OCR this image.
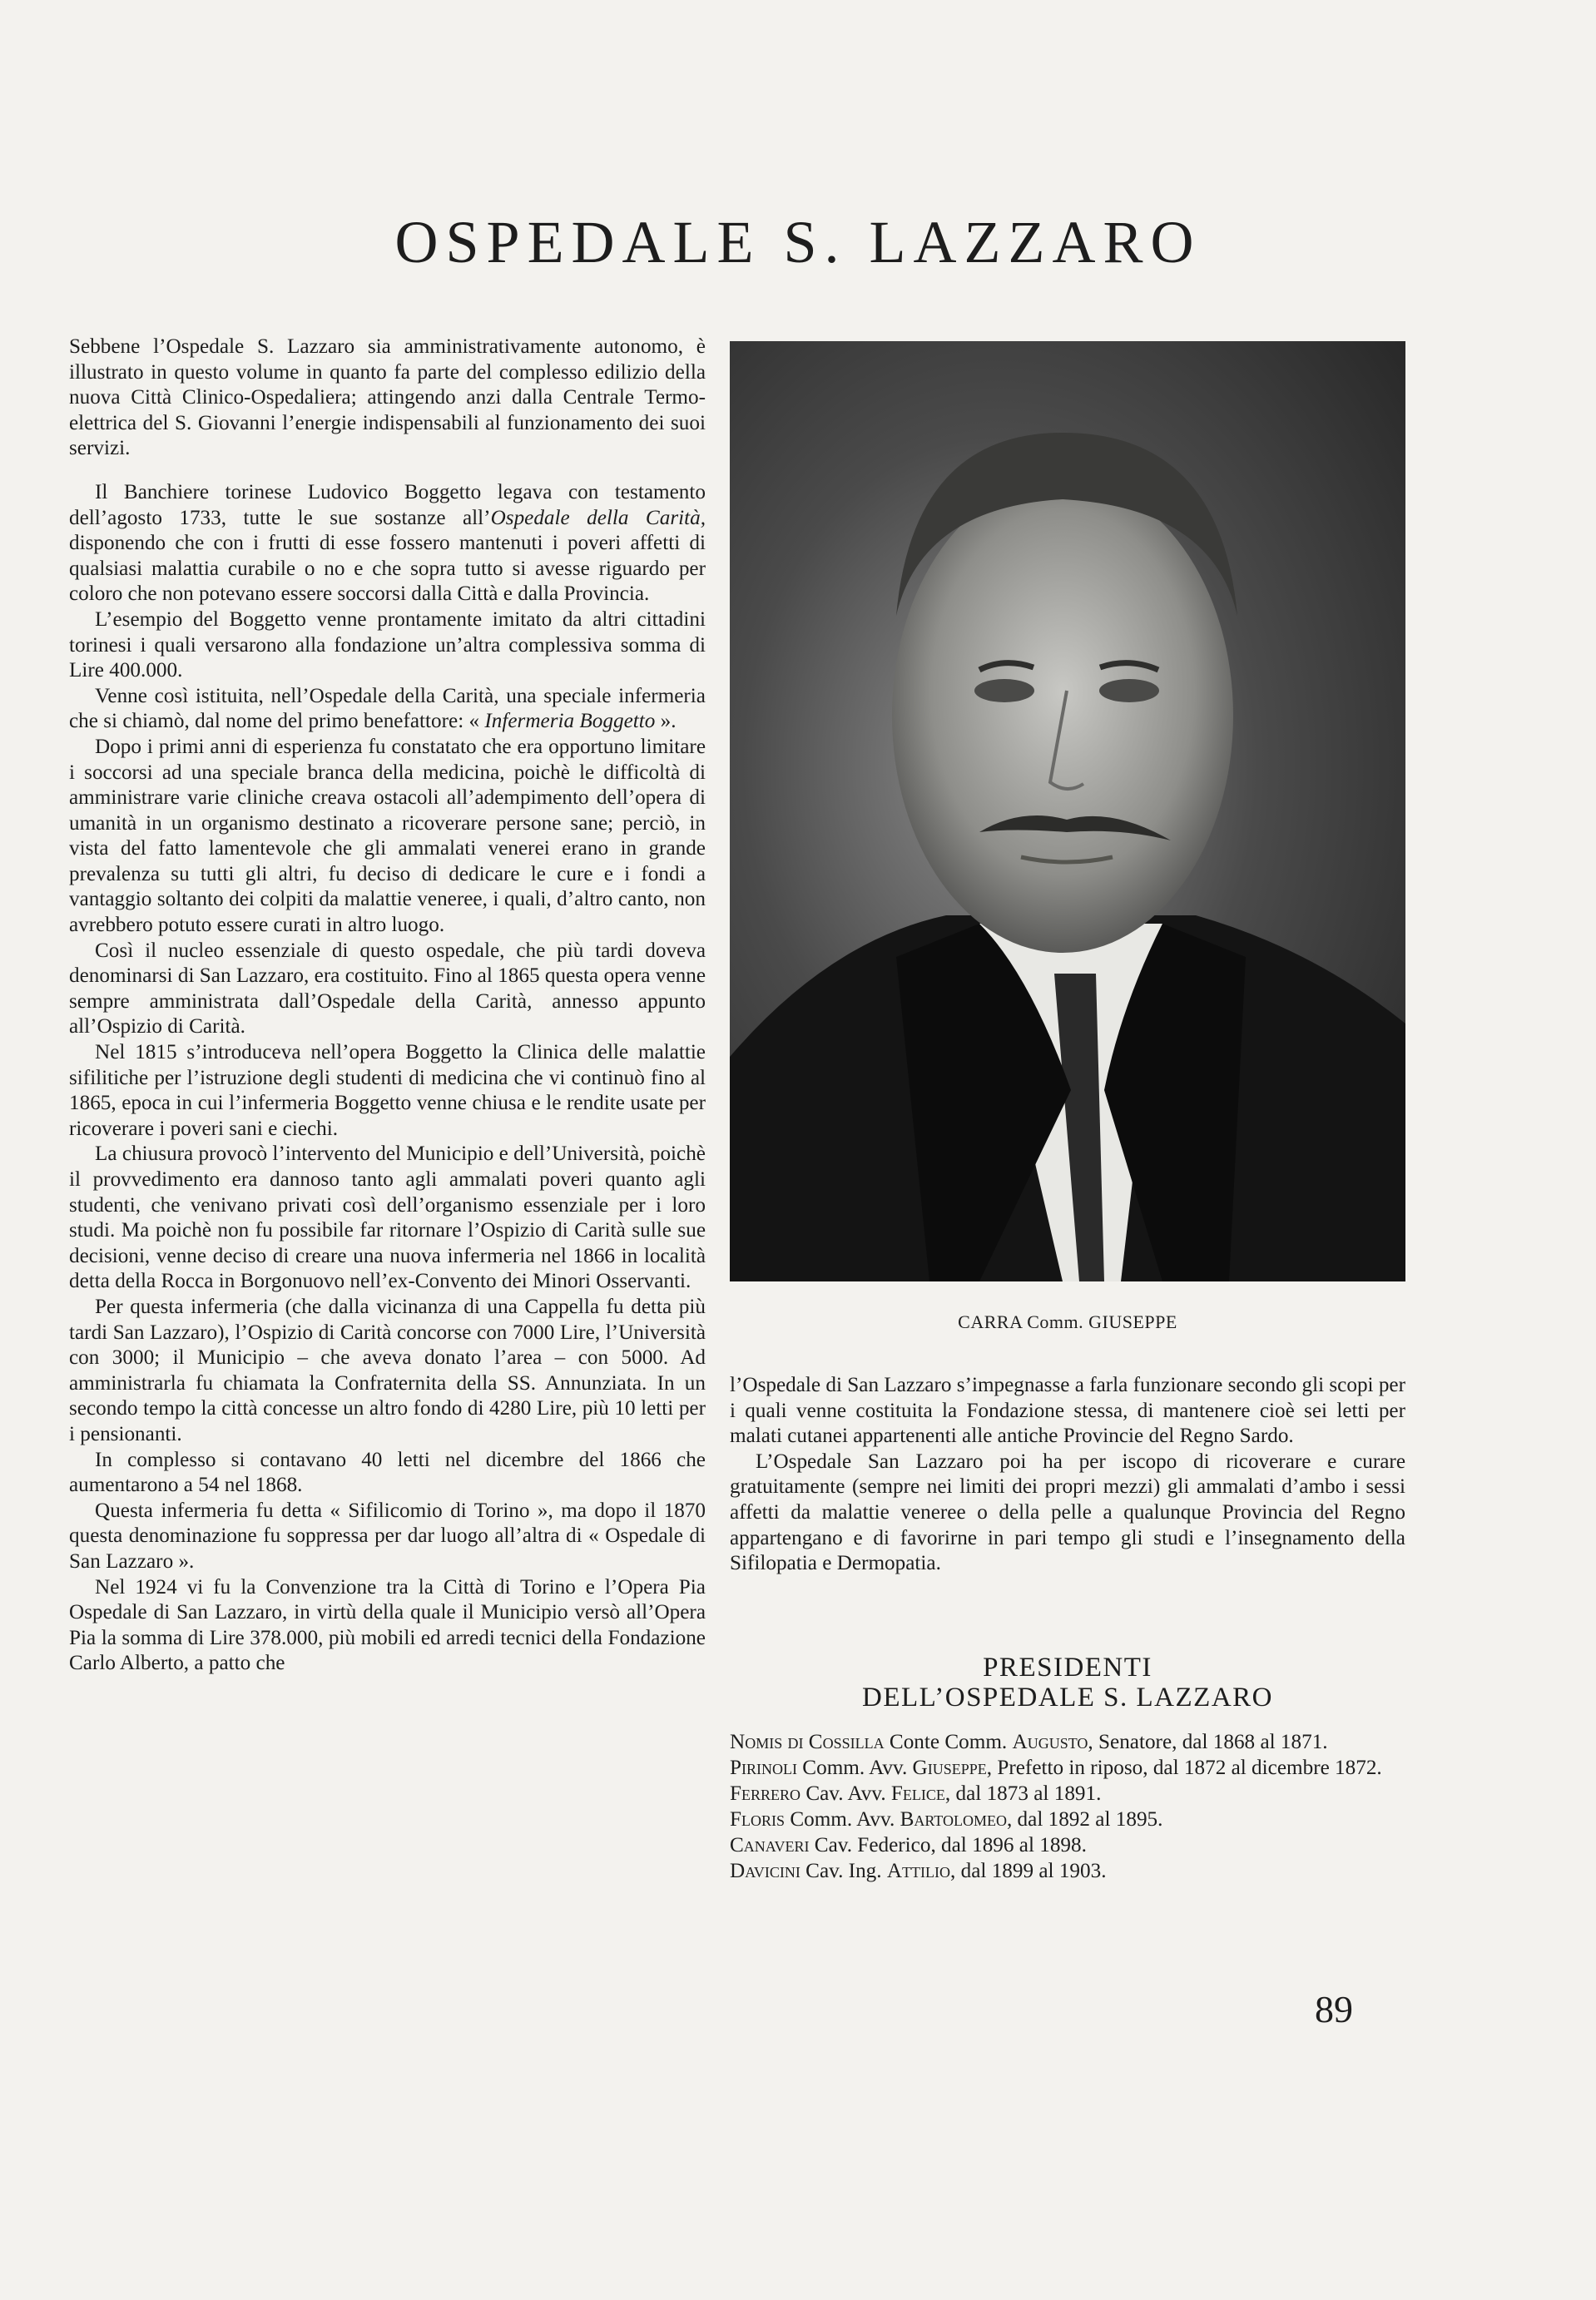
OSPEDALE S. LAZZARO

Sebbene l’Ospedale S. Lazzaro sia amministrativamente autonomo, è illustrato in questo volume in quanto fa parte del complesso edilizio della nuova Città Clinico-Ospedaliera; attingendo anzi dalla Centrale Termo-elettrica del S. Giovanni l’energie indispensabili al funzionamento dei suoi servizi.

Il Banchiere torinese Ludovico Boggetto legava con testamento dell’agosto 1733, tutte le sue sostanze all’Ospedale della Carità, disponendo che con i frutti di esse fossero mantenuti i poveri affetti di qualsiasi malattia curabile o no e che sopra tutto si avesse riguardo per coloro che non potevano essere soccorsi dalla Città e dalla Provincia.

L’esempio del Boggetto venne prontamente imitato da altri cittadini torinesi i quali versarono alla fondazione un’altra complessiva somma di Lire 400.000.

Venne così istituita, nell’Ospedale della Carità, una speciale infermeria che si chiamò, dal nome del primo benefattore: « Infermeria Boggetto ».

Dopo i primi anni di esperienza fu constatato che era opportuno limitare i soccorsi ad una speciale branca della medicina, poichè le difficoltà di amministrare varie cliniche creava ostacoli all’adempimento dell’opera di umanità in un organismo destinato a ricoverare persone sane; perciò, in vista del fatto lamentevole che gli ammalati venerei erano in grande prevalenza su tutti gli altri, fu deciso di dedicare le cure e i fondi a vantaggio soltanto dei colpiti da malattie veneree, i quali, d’altro canto, non avrebbero potuto essere curati in altro luogo.

Così il nucleo essenziale di questo ospedale, che più tardi doveva denominarsi di San Lazzaro, era costituito. Fino al 1865 questa opera venne sempre amministrata dall’Ospedale della Carità, annesso appunto all’Ospizio di Carità.

Nel 1815 s’introduceva nell’opera Boggetto la Clinica delle malattie sifilitiche per l’istruzione degli studenti di medicina che vi continuò fino al 1865, epoca in cui l’infermeria Boggetto venne chiusa e le rendite usate per ricoverare i poveri sani e ciechi.

La chiusura provocò l’intervento del Municipio e dell’Università, poichè il provvedimento era dannoso tanto agli ammalati poveri quanto agli studenti, che venivano privati così dell’organismo essenziale per i loro studi. Ma poichè non fu possibile far ritornare l’Ospizio di Carità sulle sue decisioni, venne deciso di creare una nuova infermeria nel 1866 in località detta della Rocca in Borgonuovo nell’ex-Convento dei Minori Osservanti.

Per questa infermeria (che dalla vicinanza di una Cappella fu detta più tardi San Lazzaro), l’Ospizio di Carità concorse con 7000 Lire, l’Università con 3000; il Municipio – che aveva donato l’area – con 5000. Ad amministrarla fu chiamata la Confraternita della SS. Annunziata. In un secondo tempo la città concesse un altro fondo di 4280 Lire, più 10 letti per i pensionanti.

In complesso si contavano 40 letti nel dicembre del 1866 che aumentarono a 54 nel 1868.

Questa infermeria fu detta « Sifilicomio di Torino », ma dopo il 1870 questa denominazione fu soppressa per dar luogo all’altra di « Ospedale di San Lazzaro ».

Nel 1924 vi fu la Convenzione tra la Città di Torino e l’Opera Pia Ospedale di San Lazzaro, in virtù della quale il Municipio versò all’Opera Pia la somma di Lire 378.000, più mobili ed arredi tecnici della Fondazione Carlo Alberto, a patto che

CARRA Comm. GIUSEPPE

l’Ospedale di San Lazzaro s’impegnasse a farla funzionare secondo gli scopi per i quali venne costituita la Fondazione stessa, di mantenere cioè sei letti per malati cutanei appartenenti alle antiche Provincie del Regno Sardo.

L’Ospedale San Lazzaro poi ha per iscopo di ricoverare e curare gratuitamente (sempre nei limiti dei propri mezzi) gli ammalati d’ambo i sessi affetti da malattie veneree o della pelle a qualunque Provincia del Regno appartengano e di favorirne in pari tempo gli studi e l’insegnamento della Sifilopatia e Dermopatia.

PRESIDENTI
DELL’OSPEDALE S. LAZZARO
Nomis di Cossilla Conte Comm. Augusto, Senatore, dal 1868 al 1871.
Pirinoli Comm. Avv. Giuseppe, Prefetto in riposo, dal 1872 al dicembre 1872.
Ferrero Cav. Avv. Felice, dal 1873 al 1891.
Floris Comm. Avv. Bartolomeo, dal 1892 al 1895.
Canaveri Cav. Federico, dal 1896 al 1898.
Davicini Cav. Ing. Attilio, dal 1899 al 1903.
89
